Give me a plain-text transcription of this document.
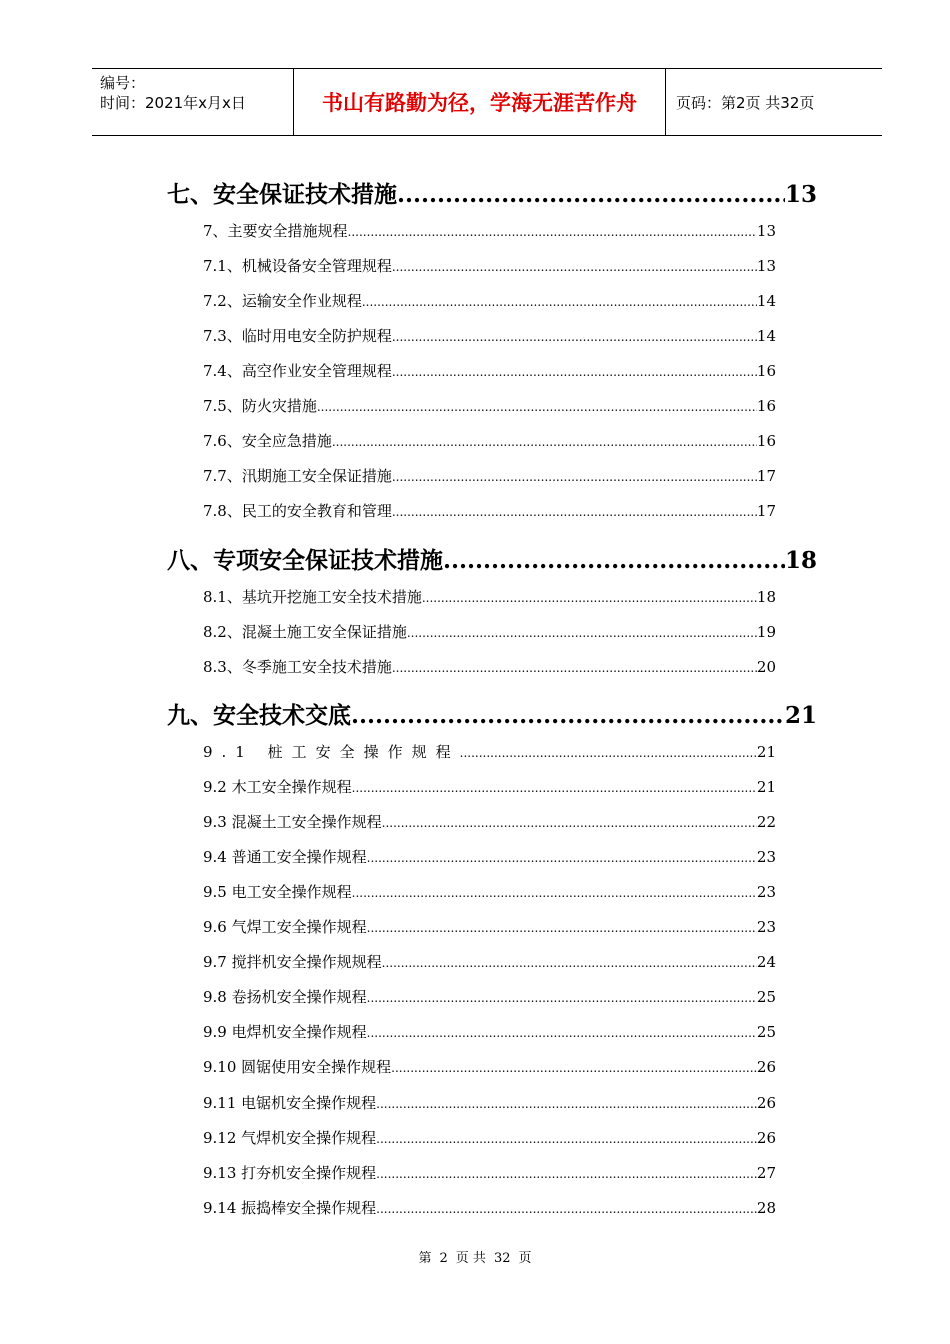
编号：
时间：2021年x月x日	书山有路勤为径，学海无涯苦作舟	页码：第2页 共32页
七、安全保证技术措施 .....	13
7、主要安全措施规程 .....	13
7.1、机械设备安全管理规程 .....	13
7.2、运输安全作业规程 .....	14
7.3、临时用电安全防护规程 .....	14
7.4、高空作业安全管理规程 .....	16
7.5、防火灾措施 .....	16
7.6、安全应急措施 .....	16
7.7、汛期施工安全保证措施 .....	17
7.8、民工的安全教育和管理 .....	17
八、专项安全保证技术措施 .....	18
8.1、基坑开挖施工安全技术措施 .....	18
8.2、混凝土施工安全保证措施 .....	19
8.3、冬季施工安全技术措施 .....	20
九、安全技术交底 .....	21
9.1 桩工安全操作规程 .....	21
9.2 木工安全操作规程 .....	21
9.3 混凝土工安全操作规程 .....	22
9.4 普通工安全操作规程 .....	23
9.5 电工安全操作规程 .....	23
9.6 气焊工安全操作规程 .....	23
9.7 搅拌机安全操作规规程 .....	24
9.8 卷扬机安全操作规程 .....	25
9.9 电焊机安全操作规程 .....	25
9.10 圆锯使用安全操作规程 .....	26
9.11 电锯机安全操作规程 .....	26
9.12 气焊机安全操作规程 .....	26
9.13 打夯机安全操作规程 .....	27
9.14 振捣棒安全操作规程 .....	28
第 2 页 共 32 页
